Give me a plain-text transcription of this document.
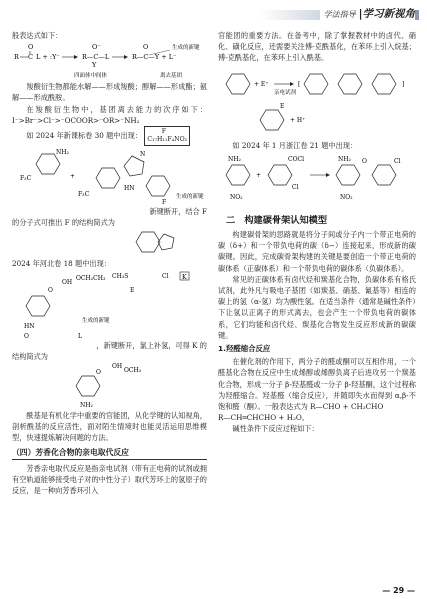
学法指导 |学习新视角

般表达式如下：

R C
O
L + :Y⁻	R—C—L
O⁻
Y
R—C—Y + L⁻
O	生成的新键
四面体中间体	离去基团

羧酸衍生物都能水解——形成羧酸；醇解——形成酯；氨解——形成酰胺。

在羧酸衍生物中，基团离去能力的次序如下：I⁻>Br⁻>Cl⁻>⁻OCOOR>⁻OR>⁻NH₂

如 2024 年新课标卷 30 题中出现：	F
C₁₇H₁₁F₄NO₂

NH₂
F₃C	+
N
HN
F₃C
F
生成的新键

新键断开，结合 F

的分子式可推出 F 的结构简式为

2024 年河北卷 18 题中出现：

CH₃S	Cl
E
K
O
OH
OCH₂CH₃
HN
O
生成的新键
L

，新键断开，氯上补氢，可得 K 的

结构简式为

O
OH
OCH₃
NH₂

酰基是有机化学中重要的官能团，从化学键的认知视角，剖析酰基的反应活性，面对陌生情境时也能灵活运用思维模型，快速提炼解决问题的方法。

（四）芳香化合物的亲电取代反应

芳香亲电取代反应是指亲电试剂（带有正电荷的试剂或拥有空轨道能够接受电子对的中性分子）取代芳环上的氢原子的反应，是一种向芳香环引入

官能团的重要方法。在备考中，除了掌握教材中的卤代、硝化、磺化反应，还需要关注傅-克酰基化，在苯环上引入烷基；傅-克酰基化，在苯环上引入酰基。

+ E⁺
亲电试剂
[	]
E
+ H⁺

如 2024 年 1 月浙江卷 21 题中出现：

NH₂
NO₂
+
COCl
Cl
NH₂ O	Cl
NO₂
二　构建碳骨架认知模型

构建碳骨架的思路就是将分子间或分子内一个带正电荷的碳（δ+）和一个带负电荷的碳（δ−）连接起来，形成新的碳碳键。因此，完成碳骨架构建的关键是要创造一个带正电荷的碳体系（正碳体系）和一个带负电荷的碳体系（负碳体系）。

常见的正碳体系有卤代烃和羰基化合物，负碳体系有格氏试剂，此外凡与吸电子基团（如羰基、硝基、氰基等）相连的碳上的氢（α-氢）均为酸性氢。在适当条件（通常是碱性条件）下让氢以正离子的形式离去，也会产生一个带负电荷的碳体系，它们均能和卤代烃、羰基化合物发生反应形成新的碳碳键。

1.羟醛缩合反应

在催化剂的作用下，两分子的醛或酮可以互相作用，一个醛基化合物在反应中生成烯醇或烯醇负离子后进攻另一个羰基化合物，形成一分子 β-羟基醛或一分子 β-羟基酮，这个过程称为羟醛缩合。羟基醛（缩合反应），并随即失水而得到 α,β-不饱和醛（酮）。一般表达式为 R—CHO + CH₃CHO

R—CH═CHCHO + H₂O。

碱性条件下反应过程如下：

— 29 —
